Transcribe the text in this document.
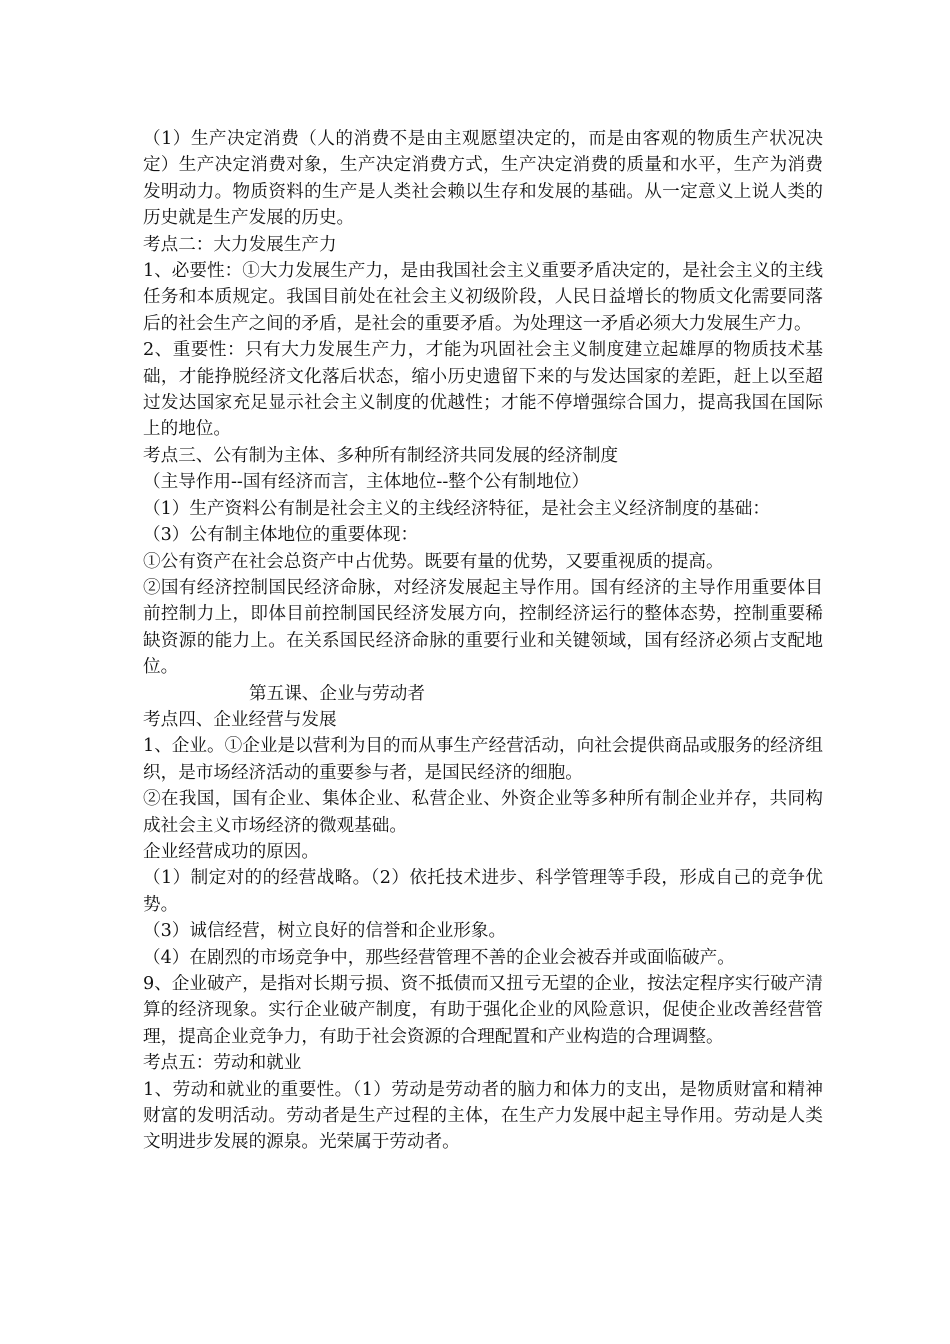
（1）生产决定消费（人的消费不是由主观愿望决定的，而是由客观的物质生产状况决定）生产决定消费对象，生产决定消费方式，生产决定消费的质量和水平，生产为消费发明动力。物质资料的生产是人类社会赖以生存和发展的基础。从一定意义上说人类的历史就是生产发展的历史。

考点二：大力发展生产力

1、必要性：①大力发展生产力，是由我国社会主义重要矛盾决定的，是社会主义的主线任务和本质规定。我国目前处在社会主义初级阶段，人民日益增长的物质文化需要同落后的社会生产之间的矛盾，是社会的重要矛盾。为处理这一矛盾必须大力发展生产力。

2、重要性：只有大力发展生产力，才能为巩固社会主义制度建立起雄厚的物质技术基础，才能挣脱经济文化落后状态，缩小历史遗留下来的与发达国家的差距，赶上以至超过发达国家充足显示社会主义制度的优越性；才能不停增强综合国力，提高我国在国际上的地位。

考点三、公有制为主体、多种所有制经济共同发展的经济制度

（主导作用--国有经济而言，主体地位--整个公有制地位）

（1）生产资料公有制是社会主义的主线经济特征，是社会主义经济制度的基础：

（3）公有制主体地位的重要体现：

①公有资产在社会总资产中占优势。既要有量的优势，又要重视质的提高。

②国有经济控制国民经济命脉，对经济发展起主导作用。国有经济的主导作用重要体目前控制力上，即体目前控制国民经济发展方向，控制经济运行的整体态势，控制重要稀缺资源的能力上。在关系国民经济命脉的重要行业和关键领域，国有经济必须占支配地位。

第五课、企业与劳动者

考点四、企业经营与发展

1、企业。①企业是以营利为目的而从事生产经营活动，向社会提供商品或服务的经济组织，是市场经济活动的重要参与者，是国民经济的细胞。

②在我国，国有企业、集体企业、私营企业、外资企业等多种所有制企业并存，共同构成社会主义市场经济的微观基础。

企业经营成功的原因。

（1）制定对的的经营战略。（2）依托技术进步、科学管理等手段，形成自己的竞争优势。

（3）诚信经营，树立良好的信誉和企业形象。

（4）在剧烈的市场竞争中，那些经营管理不善的企业会被吞并或面临破产。

9、企业破产，是指对长期亏损、资不抵债而又扭亏无望的企业，按法定程序实行破产清算的经济现象。实行企业破产制度，有助于强化企业的风险意识，促使企业改善经营管理，提高企业竞争力，有助于社会资源的合理配置和产业构造的合理调整。

考点五：劳动和就业

1、劳动和就业的重要性。（1）劳动是劳动者的脑力和体力的支出，是物质财富和精神财富的发明活动。劳动者是生产过程的主体，在生产力发展中起主导作用。劳动是人类文明进步发展的源泉。光荣属于劳动者。
